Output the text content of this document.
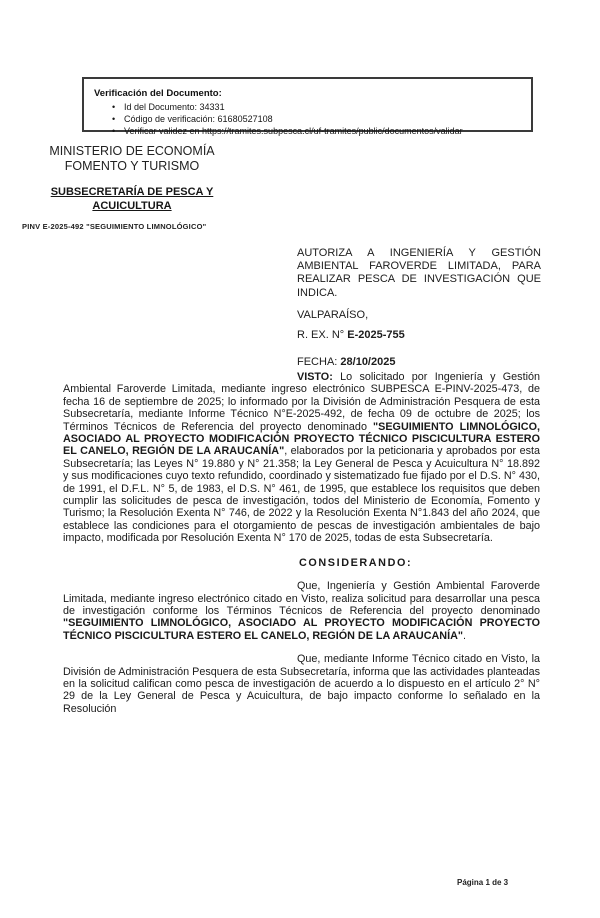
Verificación del Documento:
• Id del Documento: 34331
• Código de verificación: 61680527108
• Verificar validez en https://tramites.subpesca.cl/uf-tramites/public/documentos/validar
MINISTERIO DE ECONOMÍA
FOMENTO Y TURISMO
SUBSECRETARÍA DE PESCA Y ACUICULTURA
PINV E-2025-492 "SEGUIMIENTO LIMNOLÓGICO"

AUTORIZA A INGENIERÍA Y GESTIÓN AMBIENTAL FAROVERDE LIMITADA, PARA REALIZAR PESCA DE INVESTIGACIÓN QUE INDICA.

VALPARAÍSO,

R. EX. N° E-2025-755

FECHA: 28/10/2025

VISTO: Lo solicitado por Ingeniería y Gestión Ambiental Faroverde Limitada, mediante ingreso electrónico SUBPESCA E-PINV-2025-473, de fecha 16 de septiembre de 2025; lo informado por la División de Administración Pesquera de esta Subsecretaría, mediante Informe Técnico N°E-2025-492, de fecha 09 de octubre de 2025; los Términos Técnicos de Referencia del proyecto denominado "SEGUIMIENTO LIMNOLÓGICO, ASOCIADO AL PROYECTO MODIFICACIÓN PROYECTO TÉCNICO PISCICULTURA ESTERO EL CANELO, REGIÓN DE LA ARAUCANÍA", elaborados por la peticionaria y aprobados por esta Subsecretaría; las Leyes N° 19.880 y N° 21.358; la Ley General de Pesca y Acuicultura N° 18.892 y sus modificaciones cuyo texto refundido, coordinado y sistematizado fue fijado por el D.S. N° 430, de 1991, el D.F.L. N° 5, de 1983, el D.S. N° 461, de 1995, que establece los requisitos que deben cumplir las solicitudes de pesca de investigación, todos del Ministerio de Economía, Fomento y Turismo; la Resolución Exenta N° 746, de 2022 y la Resolución Exenta N°1.843 del año 2024, que establece las condiciones para el otorgamiento de pescas de investigación ambientales de bajo impacto, modificada por Resolución Exenta N° 170 de 2025, todas de esta Subsecretaría.

CONSIDERANDO:

Que, Ingeniería y Gestión Ambiental Faroverde Limitada, mediante ingreso electrónico citado en Visto, realiza solicitud para desarrollar una pesca de investigación conforme los Términos Técnicos de Referencia del proyecto denominado "SEGUIMIENTO LIMNOLÓGICO, ASOCIADO AL PROYECTO MODIFICACIÓN PROYECTO TÉCNICO PISCICULTURA ESTERO EL CANELO, REGIÓN DE LA ARAUCANÍA".

Que, mediante Informe Técnico citado en Visto, la División de Administración Pesquera de esta Subsecretaría, informa que las actividades planteadas en la solicitud califican como pesca de investigación de acuerdo a lo dispuesto en el artículo 2° N° 29 de la Ley General de Pesca y Acuicultura, de bajo impacto conforme lo señalado en la Resolución

Página 1 de 3
